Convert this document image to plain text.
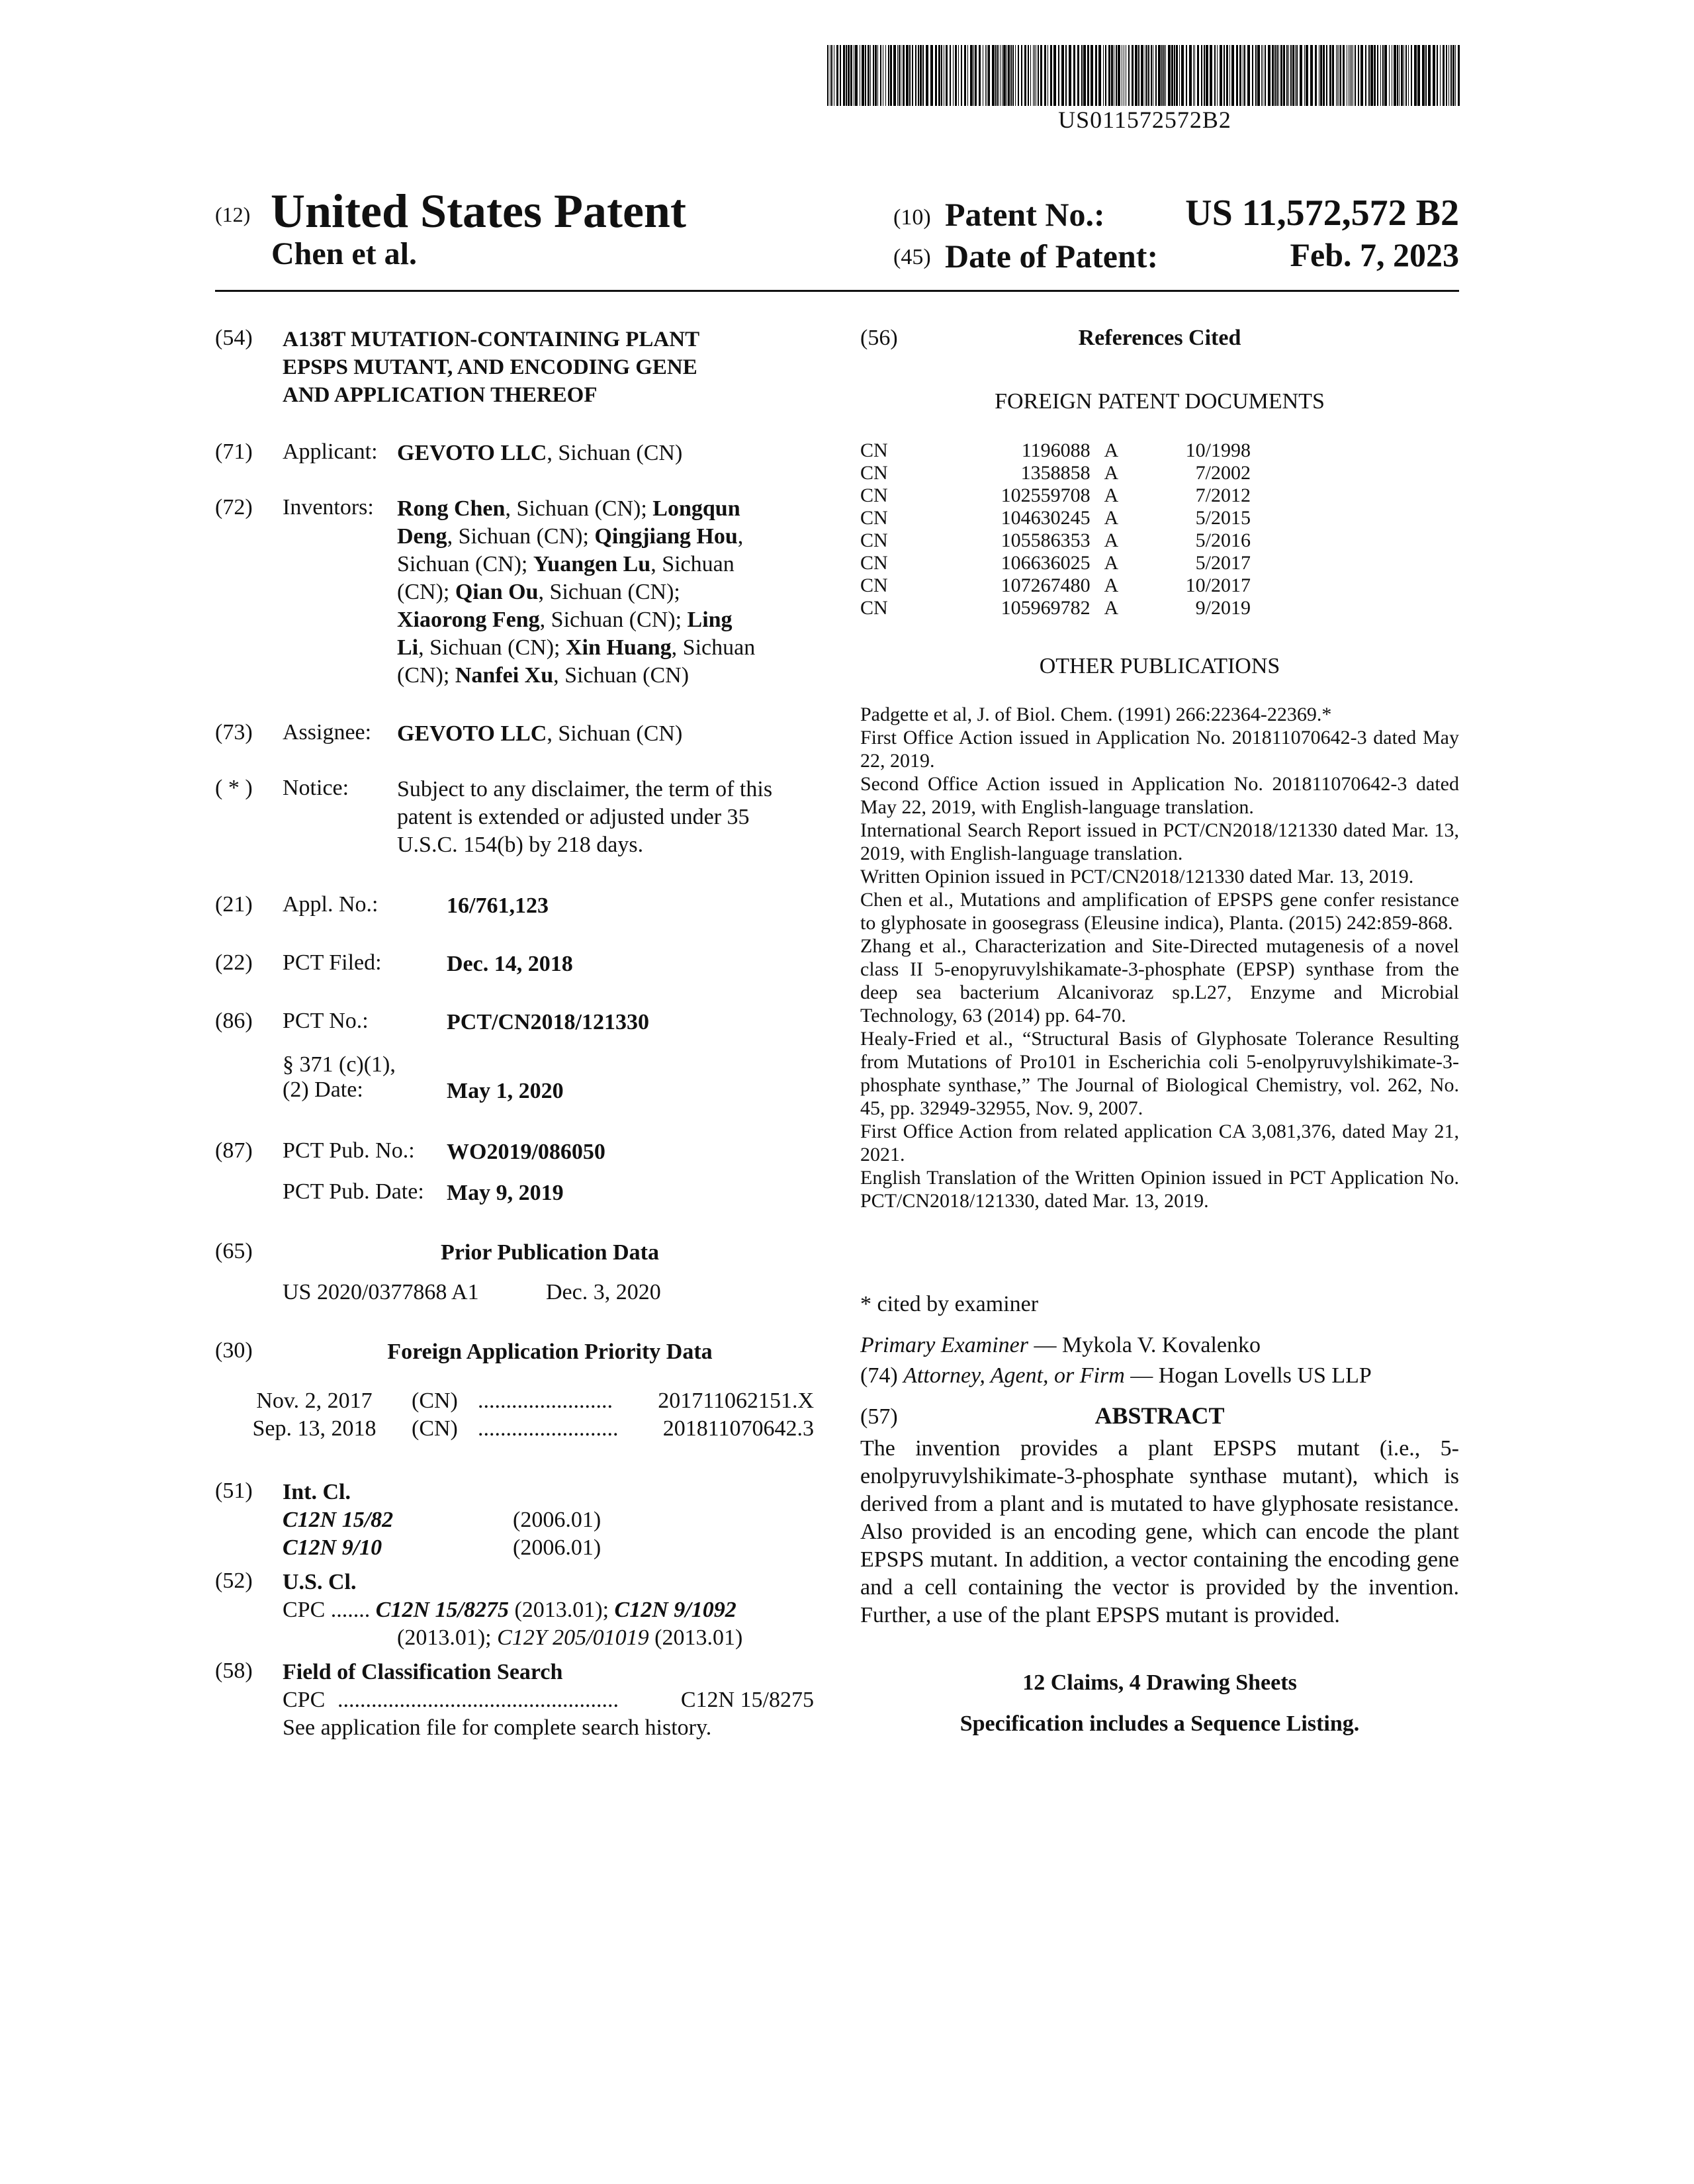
US011572572B2
(12) United States Patent
Chen et al.
(10) Patent No.: US 11,572,572 B2
(45) Date of Patent:	Feb. 7, 2023
(54) A138T MUTATION-CONTAINING PLANT
EPSPS MUTANT, AND ENCODING GENE
AND APPLICATION THEREOF
(71) Applicant: GEVOTO LLC, Sichuan (CN)
(72) Inventors: Rong Chen, Sichuan (CN); Longqun
Deng, Sichuan (CN); Qingjiang Hou,
Sichuan (CN); Yuangen Lu, Sichuan
(CN); Qian Ou, Sichuan (CN);
Xiaorong Feng, Sichuan (CN); Ling
Li, Sichuan (CN); Xin Huang, Sichuan
(CN); Nanfei Xu, Sichuan (CN)
(73) Assignee: GEVOTO LLC, Sichuan (CN)
( * ) Notice: Subject to any disclaimer, the term of this
patent is extended or adjusted under 35
U.S.C. 154(b) by 218 days.
(21) Appl. No.:	16/761,123
(22) PCT Filed:	Dec. 14, 2018
(86) PCT No.:	PCT/CN2018/121330
§ 371 (c)(1),
(2) Date:	May 1, 2020
(87) PCT Pub. No.: WO2019/086050
PCT Pub. Date: May 9, 2019
(65)	Prior Publication Data
US 2020/0377868 A1	Dec. 3, 2020
(30)	Foreign Application Priority Data
Nov. 2, 2017	(CN) ........................	201711062151.X
Sep. 13, 2018 (CN) .........................	201811070642.3
(51) Int. Cl.
C12N 15/82	(2006.01)
C12N 9/10	(2006.01)
(52) U.S. Cl.
CPC ....... C12N 15/8275 (2013.01); C12N 9/1092
(2013.01); C12Y 205/01019 (2013.01)
(58) Field of Classification Search
CPC ..................................................	C12N 15/8275
See application file for complete search history.
(56)	References Cited
FOREIGN PATENT DOCUMENTS
CN	1196088	A	10/1998
CN	1358858	A	7/2002
CN	102559708	A	7/2012
CN	104630245	A	5/2015
CN	105586353	A	5/2016
CN	106636025	A	5/2017
CN	107267480	A	10/2017
CN	105969782	A	9/2019
OTHER PUBLICATIONS
Padgette et al, J. of Biol. Chem. (1991) 266:22364-22369.*
First Office Action issued in Application No. 201811070642-3 dated May 22, 2019.
Second Office Action issued in Application No. 201811070642-3 dated May 22, 2019, with English-language translation.
International Search Report issued in PCT/CN2018/121330 dated Mar. 13, 2019, with English-language translation.
Written Opinion issued in PCT/CN2018/121330 dated Mar. 13, 2019.
Chen et al., Mutations and amplification of EPSPS gene confer resistance to glyphosate in goosegrass (Eleusine indica), Planta. (2015) 242:859-868.
Zhang et al., Characterization and Site-Directed mutagenesis of a novel class II 5-enopyruvylshikamate-3-phosphate (EPSP) synthase from the deep sea bacterium Alcanivoraz sp.L27, Enzyme and Microbial Technology, 63 (2014) pp. 64-70.
Healy-Fried et al., “Structural Basis of Glyphosate Tolerance Resulting from Mutations of Pro101 in Escherichia coli 5-enolpyruvylshikimate-3-phosphate synthase,” The Journal of Biological Chemistry, vol. 262, No. 45, pp. 32949-32955, Nov. 9, 2007.
First Office Action from related application CA 3,081,376, dated May 21, 2021.
English Translation of the Written Opinion issued in PCT Application No. PCT/CN2018/121330, dated Mar. 13, 2019.
* cited by examiner
Primary Examiner — Mykola V. Kovalenko
(74) Attorney, Agent, or Firm — Hogan Lovells US LLP
(57)	ABSTRACT
The invention provides a plant EPSPS mutant (i.e., 5-enolpyruvylshikimate-3-phosphate synthase mutant), which is derived from a plant and is mutated to have glyphosate resistance. Also provided is an encoding gene, which can encode the plant EPSPS mutant. In addition, a vector containing the encoding gene and a cell containing the vector is provided by the invention. Further, a use of the plant EPSPS mutant is provided.
12 Claims, 4 Drawing Sheets
Specification includes a Sequence Listing.
